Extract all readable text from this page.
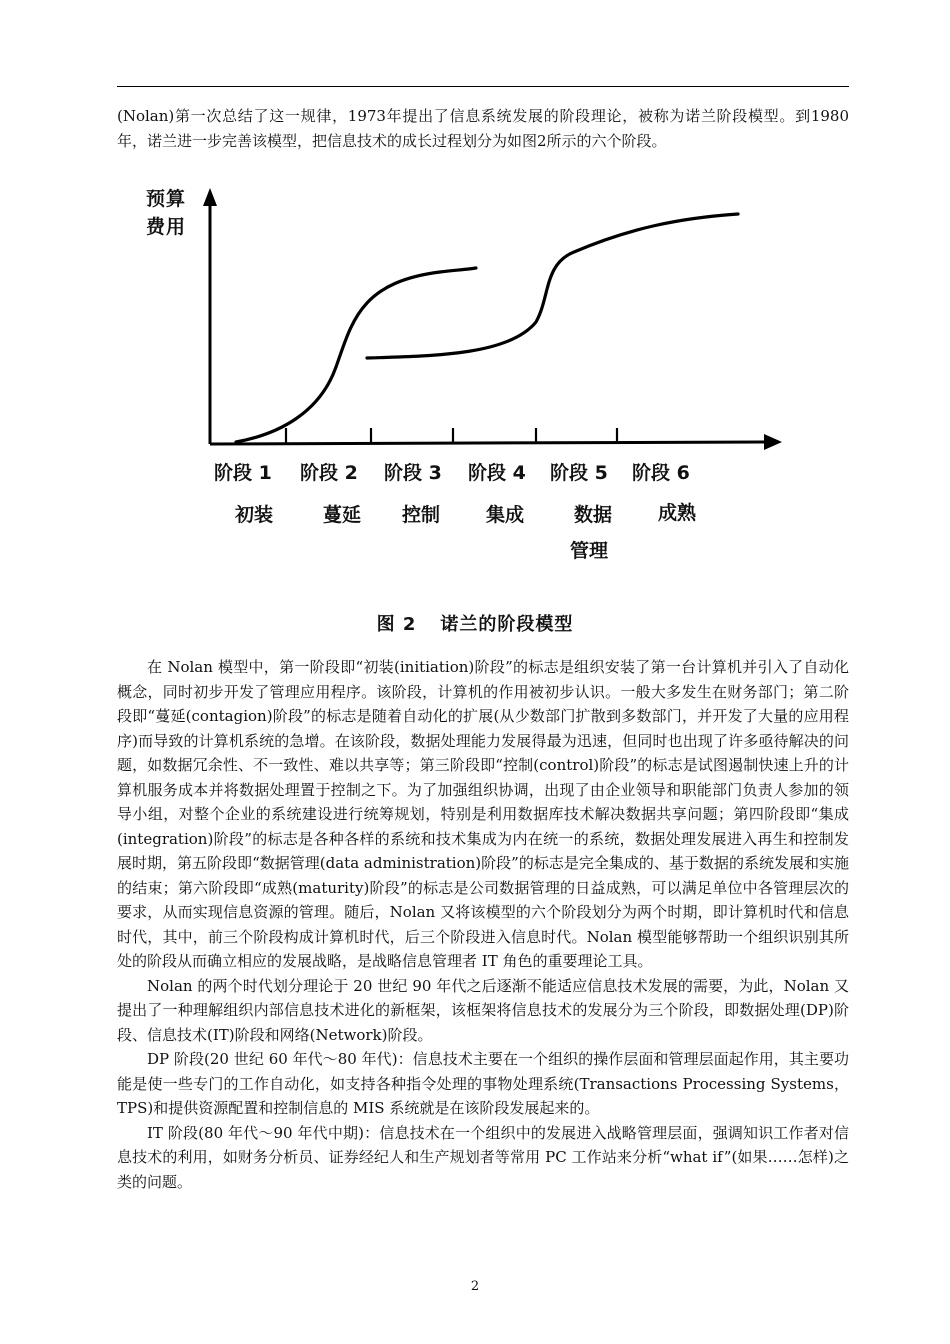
(Nolan)第一次总结了这一规律，1973年提出了信息系统发展的阶段理论，被称为诺兰阶段模型。到1980年，诺兰进一步完善该模型，把信息技术的成长过程划分为如图2所示的六个阶段。

预算
费用
阶段 1
初装
阶段 2
蔓延
阶段 3
控制
阶段 4
集成
阶段 5
数据
管理
阶段 6
成熟
图 2 诺兰的阶段模型

在 Nolan 模型中，第一阶段即“初装(initiation)阶段”的标志是组织安装了第一台计算机并引入了自动化概念，同时初步开发了管理应用程序。该阶段，计算机的作用被初步认识。一般大多发生在财务部门；第二阶段即“蔓延(contagion)阶段”的标志是随着自动化的扩展(从少数部门扩散到多数部门，并开发了大量的应用程序)而导致的计算机系统的急增。在该阶段，数据处理能力发展得最为迅速，但同时也出现了许多亟待解决的问题，如数据冗余性、不一致性、难以共享等；第三阶段即“控制(control)阶段”的标志是试图遏制快速上升的计算机服务成本并将数据处理置于控制之下。为了加强组织协调，出现了由企业领导和职能部门负责人参加的领导小组，对整个企业的系统建设进行统筹规划，特别是利用数据库技术解决数据共享问题；第四阶段即“集成(integration)阶段”的标志是各种各样的系统和技术集成为内在统一的系统，数据处理发展进入再生和控制发展时期，第五阶段即“数据管理(data administration)阶段”的标志是完全集成的、基于数据的系统发展和实施的结束；第六阶段即“成熟(maturity)阶段”的标志是公司数据管理的日益成熟，可以满足单位中各管理层次的要求，从而实现信息资源的管理。随后，Nolan 又将该模型的六个阶段划分为两个时期，即计算机时代和信息时代，其中，前三个阶段构成计算机时代，后三个阶段进入信息时代。Nolan 模型能够帮助一个组织识别其所处的阶段从而确立相应的发展战略，是战略信息管理者 IT 角色的重要理论工具。

Nolan 的两个时代划分理论于 20 世纪 90 年代之后逐渐不能适应信息技术发展的需要，为此，Nolan 又提出了一种理解组织内部信息技术进化的新框架，该框架将信息技术的发展分为三个阶段，即数据处理(DP)阶段、信息技术(IT)阶段和网络(Network)阶段。

DP 阶段(20 世纪 60 年代～80 年代)：信息技术主要在一个组织的操作层面和管理层面起作用，其主要功能是使一些专门的工作自动化，如支持各种指令处理的事物处理系统(Transactions Processing Systems，TPS)和提供资源配置和控制信息的 MIS 系统就是在该阶段发展起来的。

IT 阶段(80 年代～90 年代中期)：信息技术在一个组织中的发展进入战略管理层面，强调知识工作者对信息技术的利用，如财务分析员、证券经纪人和生产规划者等常用 PC 工作站来分析“what if”(如果……怎样)之类的问题。

2
